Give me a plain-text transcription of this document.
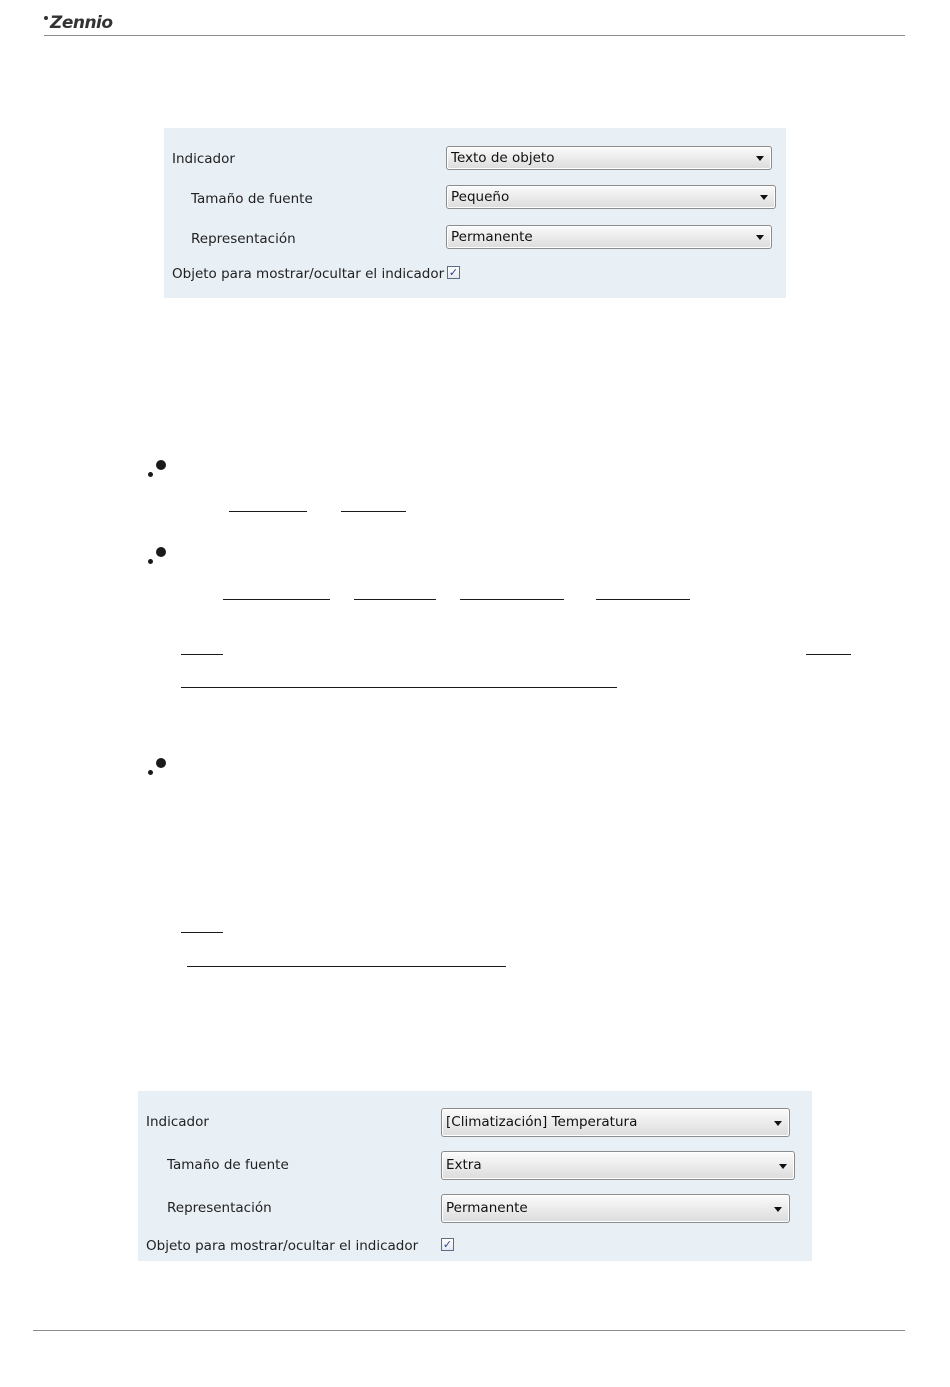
Zennio
Indicador	Texto de objeto
Tamaño de fuente	Pequeño
Representación	Permanente
Objeto para mostrar/ocultar el indicador ✓
Indicador	[Climatización] Temperatura
Tamaño de fuente	Extra
Representación	Permanente
Objeto para mostrar/ocultar el indicador ✓
